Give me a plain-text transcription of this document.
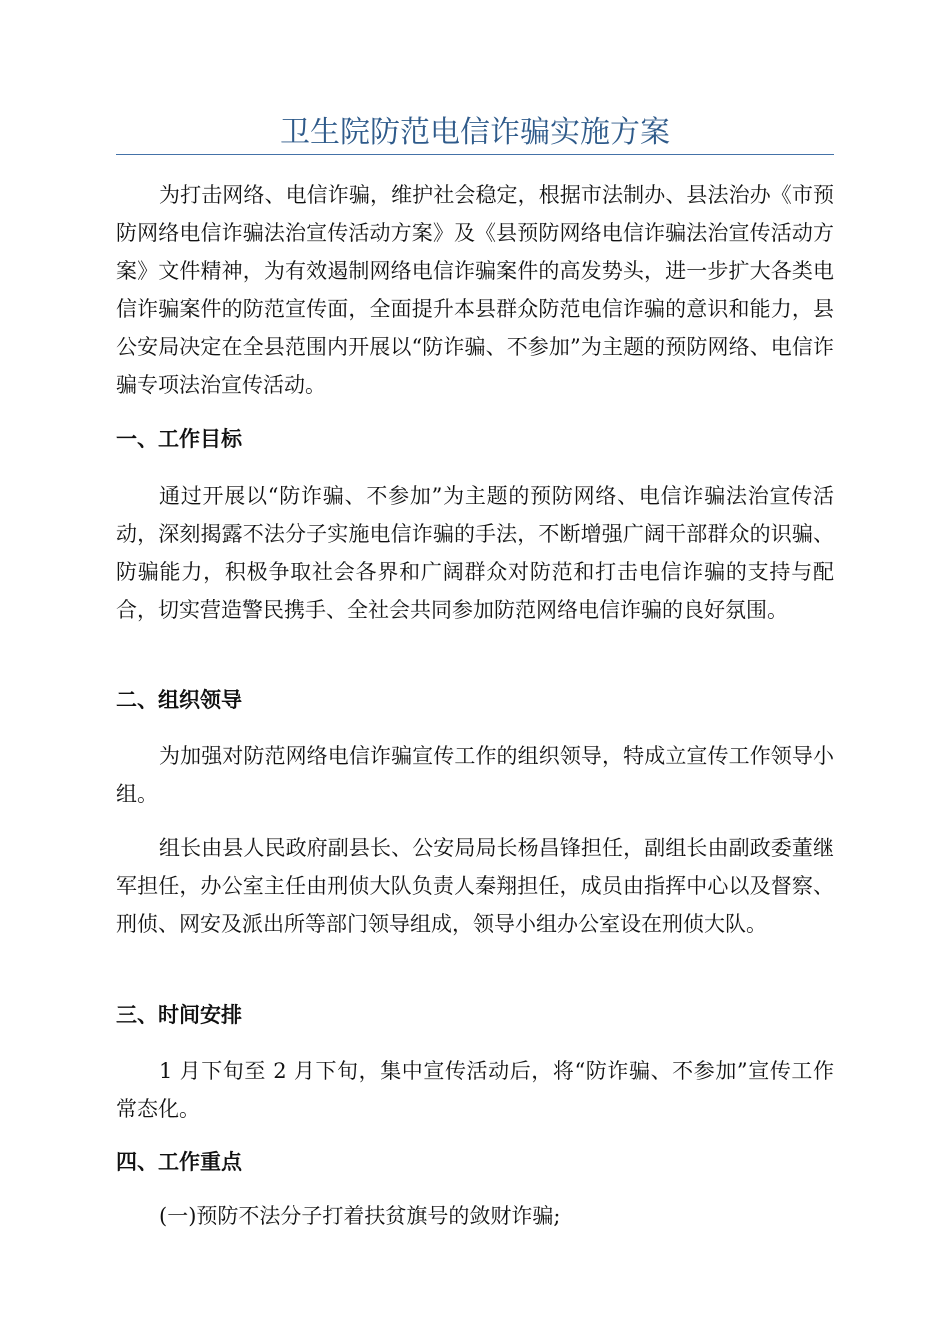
卫生院防范电信诈骗实施方案

为打击网络、电信诈骗，维护社会稳定，根据市法制办、县法治办《市预防网络电信诈骗法治宣传活动方案》及《县预防网络电信诈骗法治宣传活动方案》文件精神，为有效遏制网络电信诈骗案件的高发势头，进一步扩大各类电信诈骗案件的防范宣传面，全面提升本县群众防范电信诈骗的意识和能力，县公安局决定在全县范围内开展以“防诈骗、不参加”为主题的预防网络、电信诈骗专项法治宣传活动。

一、工作目标

通过开展以“防诈骗、不参加”为主题的预防网络、电信诈骗法治宣传活动，深刻揭露不法分子实施电信诈骗的手法，不断增强广阔干部群众的识骗、防骗能力，积极争取社会各界和广阔群众对防范和打击电信诈骗的支持与配合，切实营造警民携手、全社会共同参加防范网络电信诈骗的良好氛围。

二、组织领导

为加强对防范网络电信诈骗宣传工作的组织领导，特成立宣传工作领导小组。

组长由县人民政府副县长、公安局局长杨昌锋担任，副组长由副政委董继军担任，办公室主任由刑侦大队负责人秦翔担任，成员由指挥中心以及督察、刑侦、网安及派出所等部门领导组成，领导小组办公室设在刑侦大队。

三、时间安排

1 月下旬至 2 月下旬，集中宣传活动后，将“防诈骗、不参加”宣传工作常态化。

四、工作重点

(一)预防不法分子打着扶贫旗号的敛财诈骗;
